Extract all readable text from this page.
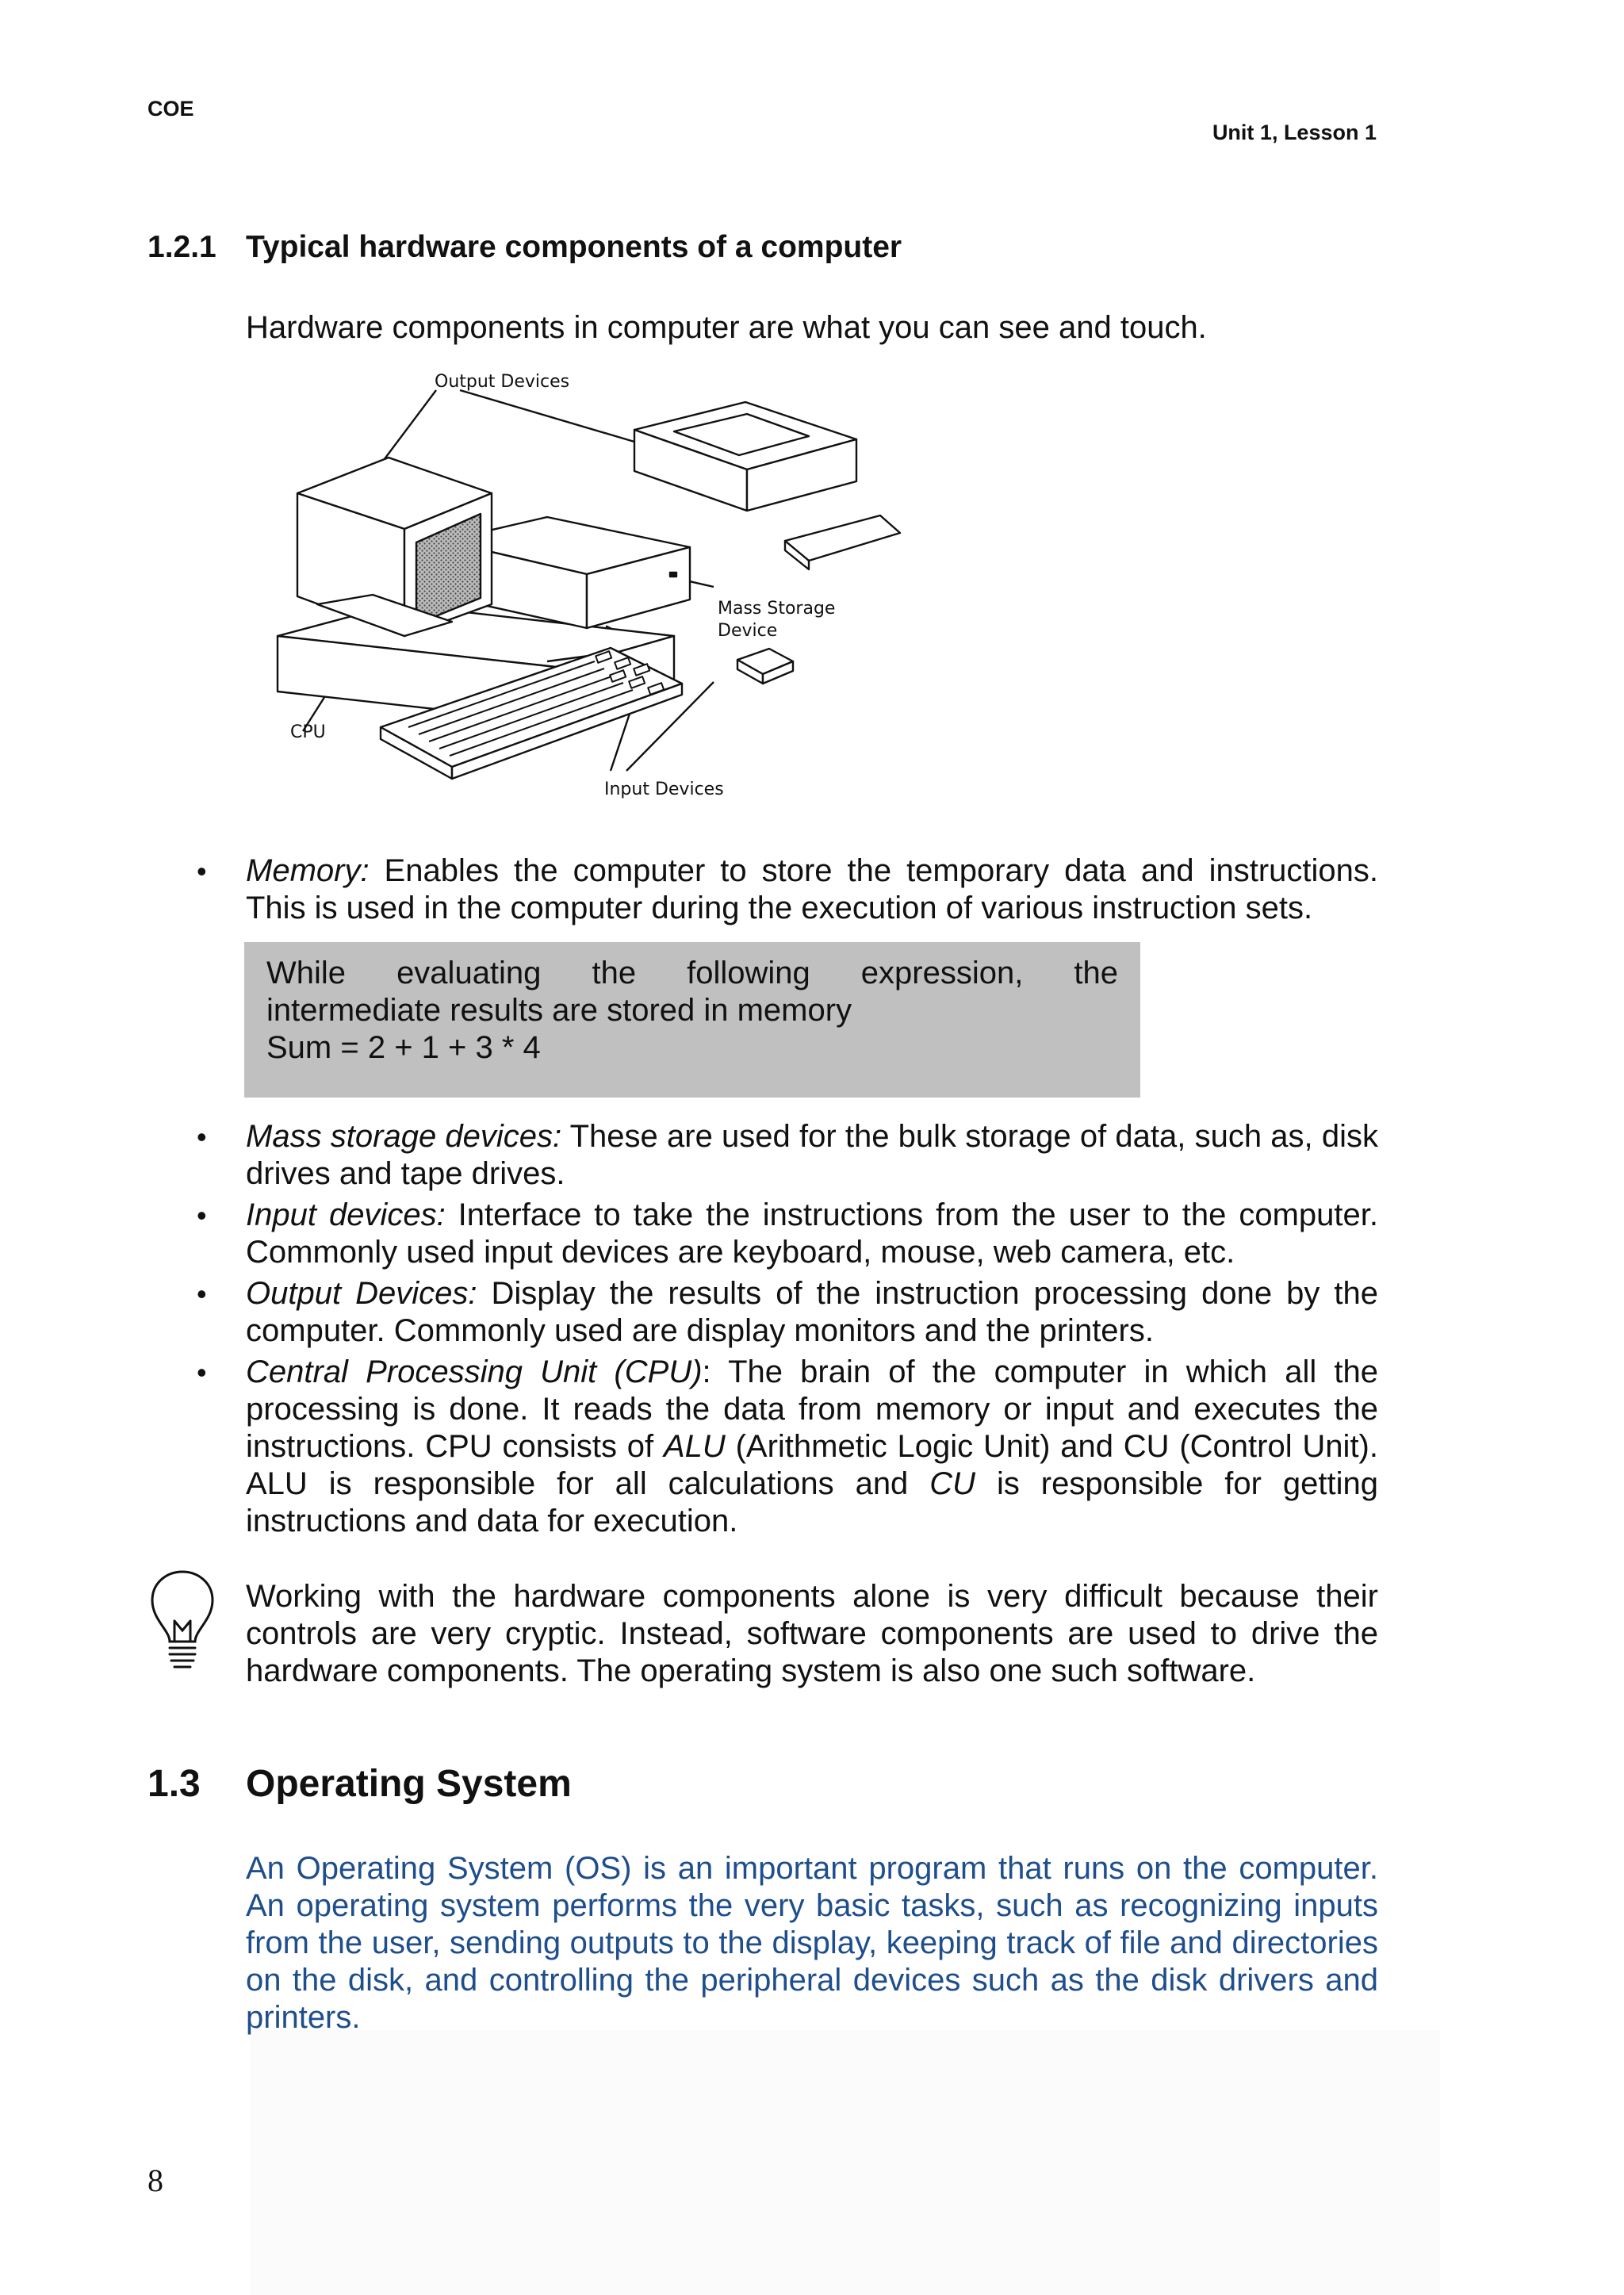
COE
Unit 1, Lesson 1
1.2.1 Typical hardware components of a computer
Hardware components in computer are what you can see and touch.
Output Devices
Mass Storage
Device
CPU
Input Devices
• Memory: Enables the computer to store the temporary data and instructions. This is used in the computer during the execution of various instruction sets.
While evaluating the following expression, the
intermediate results are stored in memory
Sum = 2 + 1 + 3 * 4
• Mass storage devices: These are used for the bulk storage of data, such as, disk drives and tape drives.
• Input devices: Interface to take the instructions from the user to the computer. Commonly used input devices are keyboard, mouse, web camera, etc.
• Output Devices: Display the results of the instruction processing done by the computer. Commonly used are display monitors and the printers.
• Central Processing Unit (CPU): The brain of the computer in which all the processing is done. It reads the data from memory or input and executes the instructions. CPU consists of ALU (Arithmetic Logic Unit) and CU (Control Unit). ALU is responsible for all calculations and CU is responsible for getting instructions and data for execution.
Working with the hardware components alone is very difficult because their controls are very cryptic. Instead, software components are used to drive the hardware components. The operating system is also one such software.
1.3 Operating System
An Operating System (OS) is an important program that runs on the computer. An operating system performs the very basic tasks, such as recognizing inputs from the user, sending outputs to the display, keeping track of file and directories on the disk, and controlling the peripheral devices such as the disk drivers and printers.
8
